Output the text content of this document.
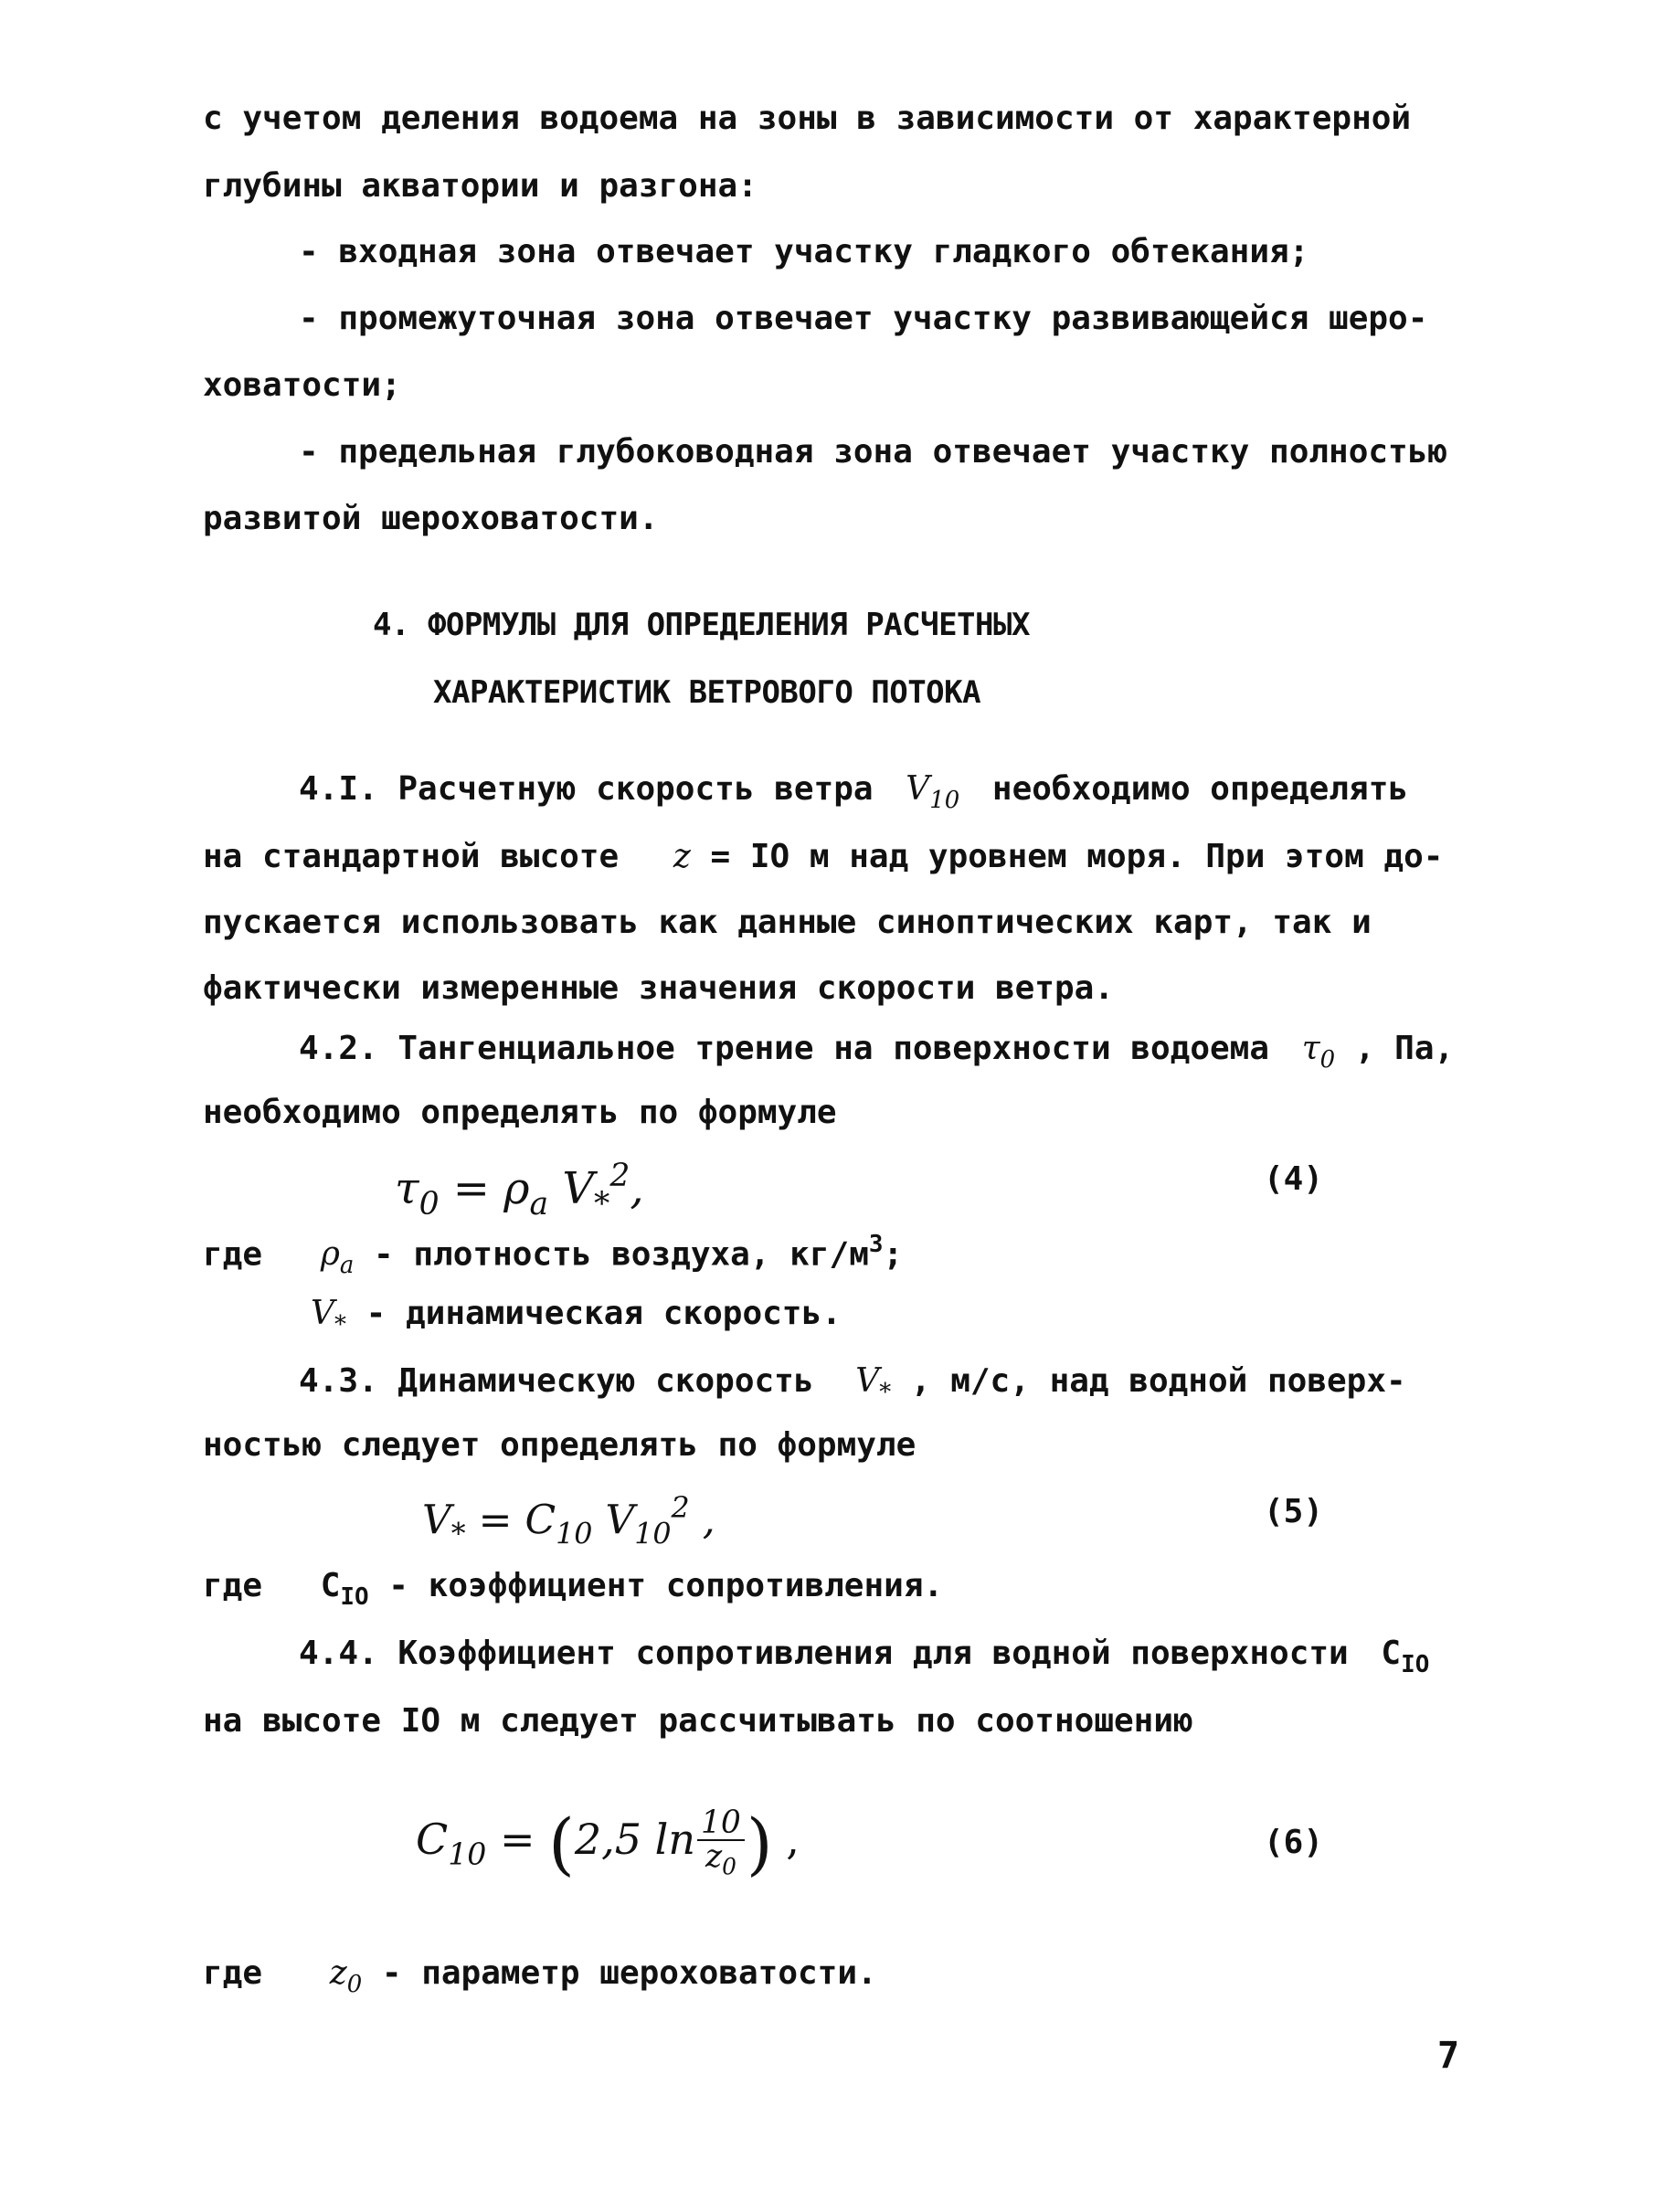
с учетом деления водоема на зоны в зависимости от характерной
глубины акватории и разгона:
- входная зона отвечает участку гладкого обтекания;
- промежуточная зона отвечает участку развивающейся шеро-
ховатости;
- предельная глубоководная зона отвечает участку полностью
развитой шероховатости.
4. ФОРМУЛЫ ДЛЯ ОПРЕДЕЛЕНИЯ РАСЧЕТНЫХ
ХАРАКТЕРИСТИК ВЕТРОВОГО ПОТОКА
4.I. Расчетную скорость ветра $V_{10}$ необходимо определять
на стандартной высоте z = IO м над уровнем моря. При этом до-
пускается использовать как данные синоптических карт, так и
фактически измеренные значения скорости ветра.
4.2. Тангенциальное трение на поверхности водоема $\tau_0$ , Па,
необходимо определять по формуле
$\tau_0 = \rho_a$ $V_*^2$,	(4)
где $\rho_a$ - плотность воздуха, $кг/м^3$;
$V_*$ - динамическая скорость.
4.3. Динамическую скорость $V_*$ , м/с, над водной поверх-
ностью следует определять по формуле
$V_* = C_{10}$ $V_{10}^2$ ,	(5)
где $C_{IO}$ - коэффициент сопротивления.
4.4. Коэффициент сопротивления для водной поверхности $C_{IO}$
на высоте IO м следует рассчитывать по соотношению
$C_{10} = (2,5$ $\ln \frac{10}{z_0}$ ) ,	(6)
где $z_0$ - параметр шероховатости.
7
